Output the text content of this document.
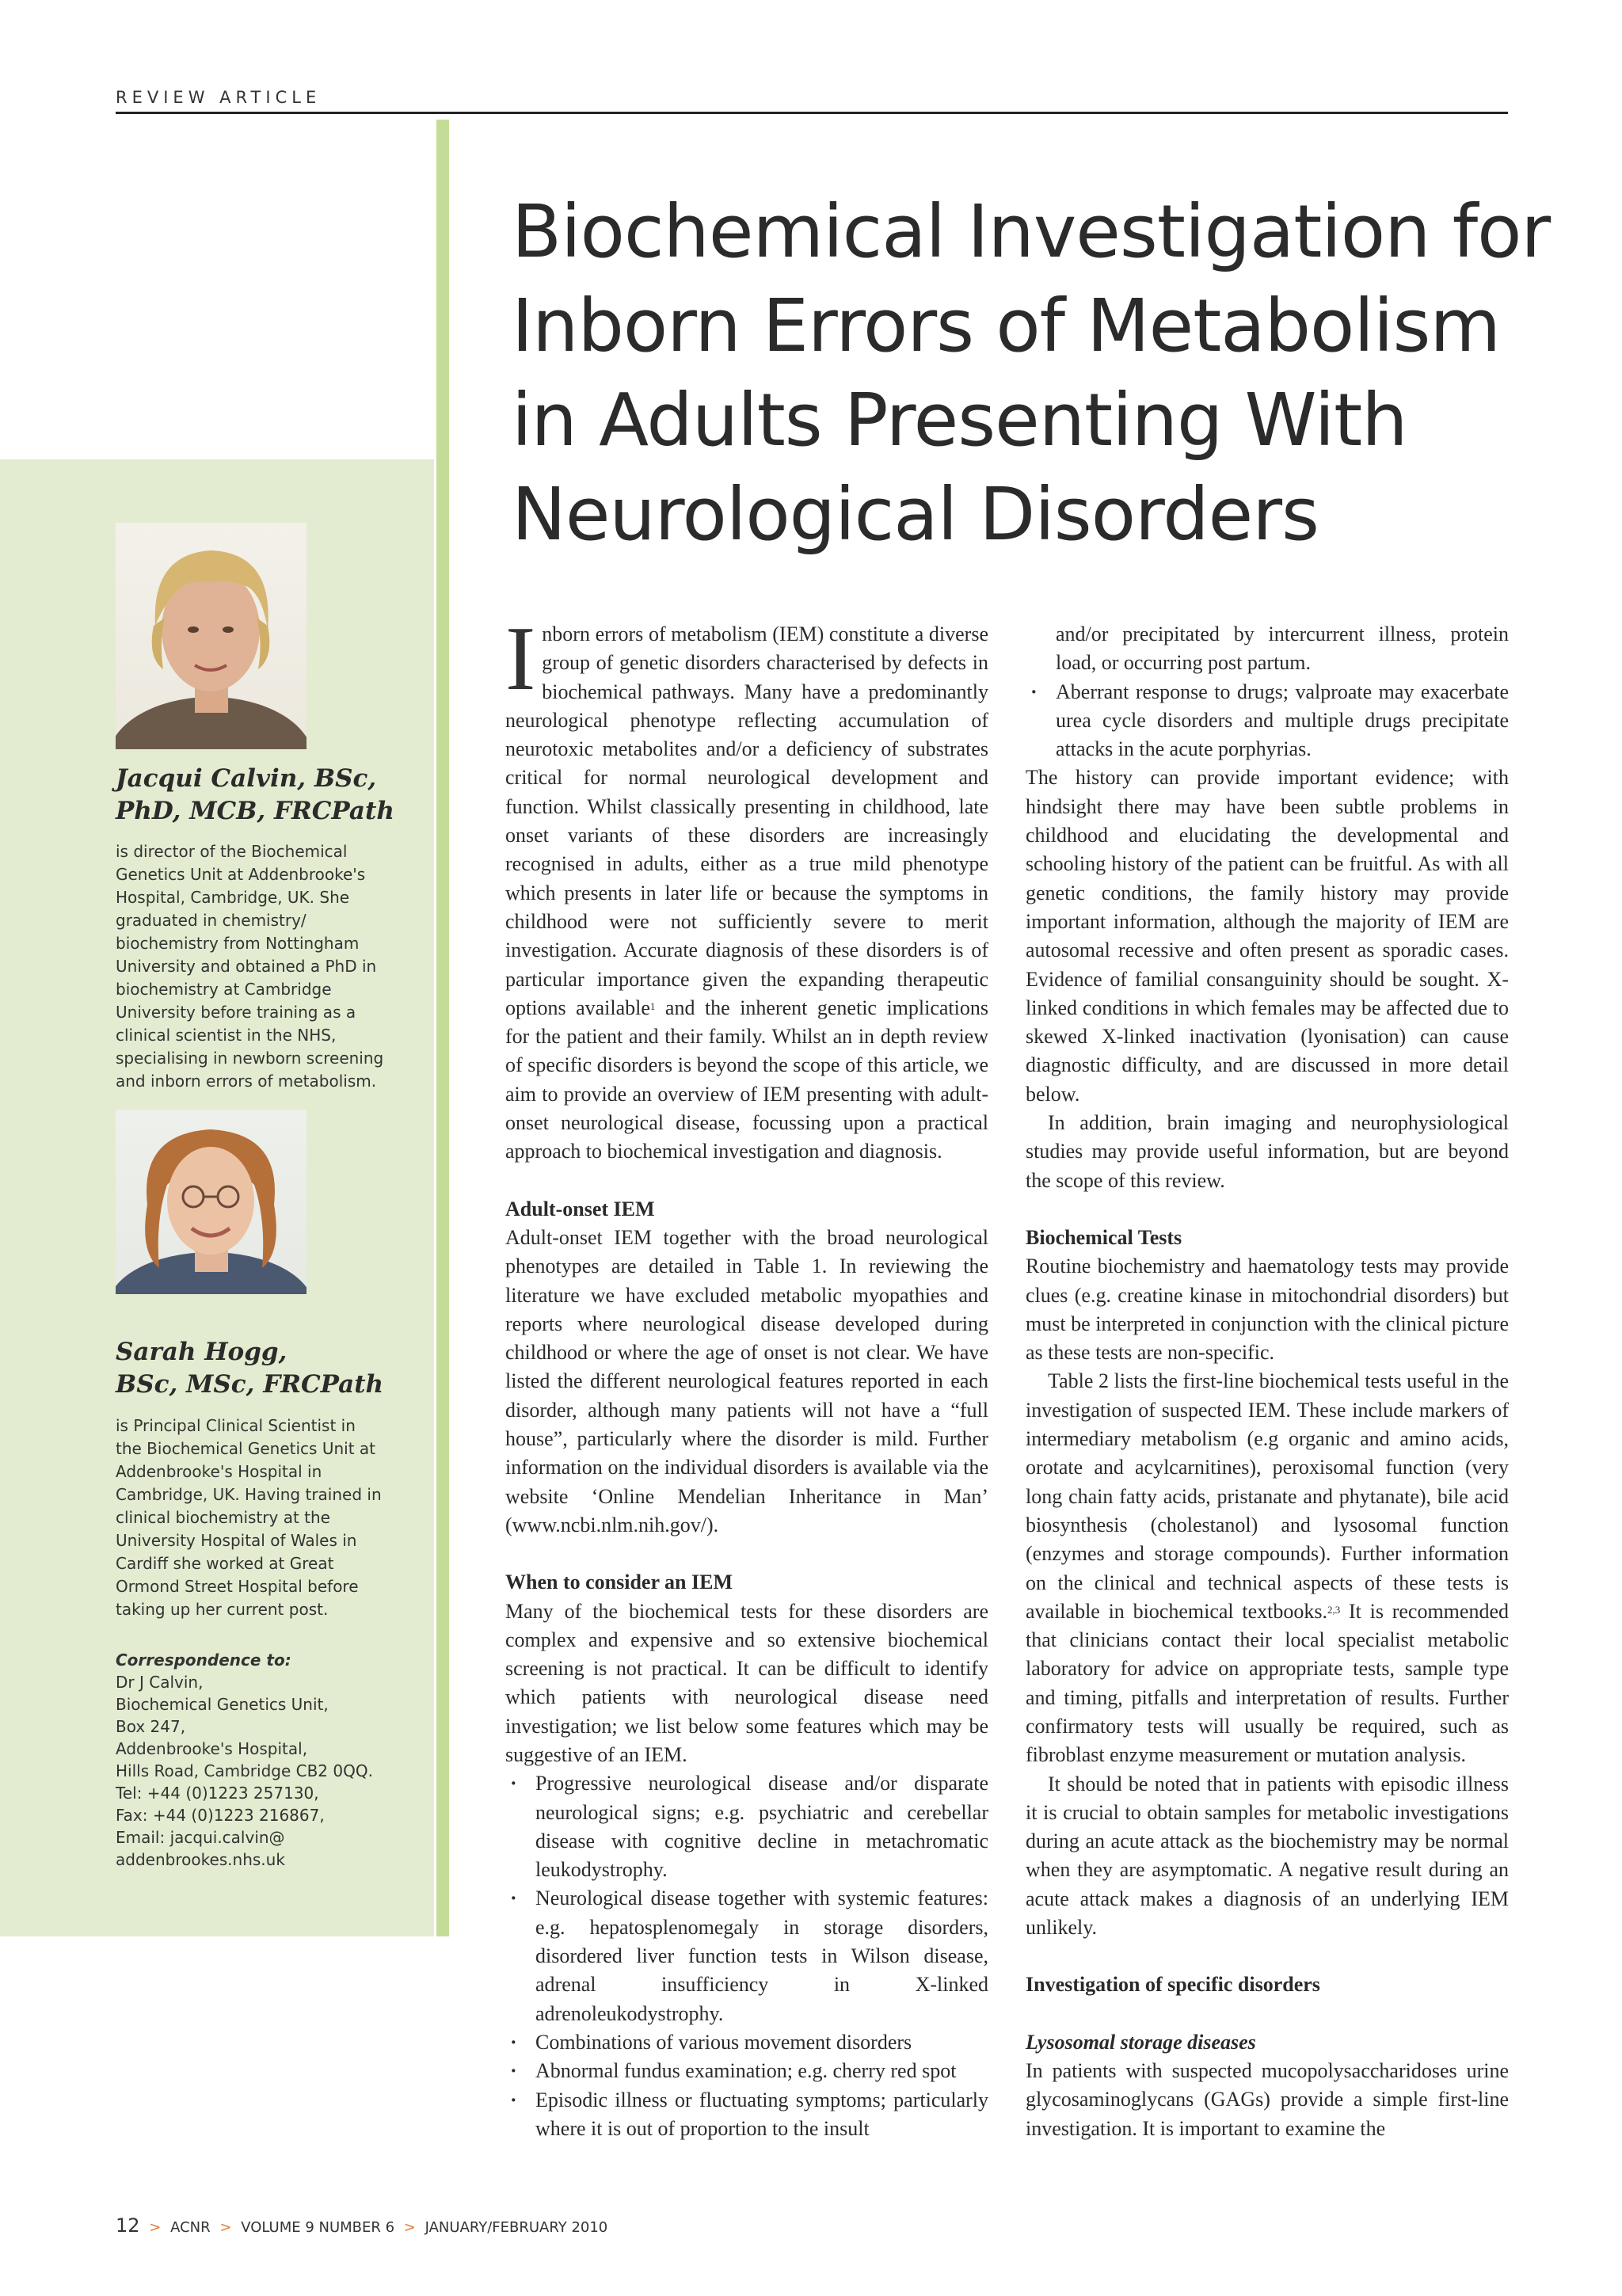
REVIEW ARTICLE
Biochemical Investigation for
Inborn Errors of Metabolism
in Adults Presenting With
Neurological Disorders
Jacqui Calvin, BSc,
PhD, MCB, FRCPath
is director of the Biochemical Genetics Unit at Addenbrooke's Hospital, Cambridge, UK. She graduated in chemistry/ biochemistry from Nottingham University and obtained a PhD in biochemistry at Cambridge University before training as a clinical scientist in the NHS, specialising in newborn screening and inborn errors of metabolism.
Sarah Hogg,
BSc, MSc, FRCPath
is Principal Clinical Scientist in the Biochemical Genetics Unit at Addenbrooke's Hospital in Cambridge, UK. Having trained in clinical biochemistry at the University Hospital of Wales in Cardiff she worked at Great Ormond Street Hospital before taking up her current post.
Correspondence to:
Dr J Calvin,
Biochemical Genetics Unit,
Box 247,
Addenbrooke's Hospital,
Hills Road, Cambridge CB2 0QQ.
Tel: +44 (0)1223 257130,
Fax: +44 (0)1223 216867,
Email: jacqui.calvin@
addenbrookes.nhs.uk

Inborn errors of metabolism (IEM) constitute a diverse group of genetic disorders characterised by defects in biochemical pathways. Many have a predominantly neurological phenotype reflecting accumulation of neurotoxic metabolites and/or a deficiency of substrates critical for normal neurological development and function. Whilst classically presenting in childhood, late onset variants of these disorders are increasingly recognised in adults, either as a true mild phenotype which presents in later life or because the symptoms in childhood were not sufficiently severe to merit investigation. Accurate diagnosis of these disorders is of particular importance given the expanding therapeutic options available$^1$ and the inherent genetic implications for the patient and their family. Whilst an in depth review of specific disorders is beyond the scope of this article, we aim to provide an overview of IEM presenting with adult-onset neurological disease, focussing upon a practical approach to biochemical investigation and diagnosis.

Adult-onset IEM

Adult-onset IEM together with the broad neurological phenotypes are detailed in Table 1. In reviewing the literature we have excluded metabolic myopathies and reports where neurological disease developed during childhood or where the age of onset is not clear. We have listed the different neurological features reported in each disorder, although many patients will not have a “full house”, particularly where the disorder is mild. Further information on the individual disorders is available via the website ‘Online Mendelian Inheritance in Man’ (www.ncbi.nlm.nih.gov/).

When to consider an IEM

Many of the biochemical tests for these disorders are complex and expensive and so extensive biochemical screening is not practical. It can be difficult to identify which patients with neurological disease need investigation; we list below some features which may be suggestive of an IEM.

· Progressive neurological disease and/or disparate neurological signs; e.g. psychiatric and cerebellar disease with cognitive decline in metachromatic leukodystrophy.
· Neurological disease together with systemic features: e.g. hepatosplenomegaly in storage disorders, disordered liver function tests in Wilson disease, adrenal insufficiency in X-linked adrenoleukodystrophy.
· Combinations of various movement disorders
· Abnormal fundus examination; e.g. cherry red spot
· Episodic illness or fluctuating symptoms; particularly where it is out of proportion to the insult
and/or precipitated by intercurrent illness, protein load, or occurring post partum.
· Aberrant response to drugs; valproate may exacerbate urea cycle disorders and multiple drugs precipitate attacks in the acute porphyrias.

The history can provide important evidence; with hindsight there may have been subtle problems in childhood and elucidating the developmental and schooling history of the patient can be fruitful. As with all genetic conditions, the family history may provide important information, although the majority of IEM are autosomal recessive and often present as sporadic cases. Evidence of familial consanguinity should be sought. X-linked conditions in which females may be affected due to skewed X-linked inactivation (lyonisation) can cause diagnostic difficulty, and are discussed in more detail below.

In addition, brain imaging and neurophysiological studies may provide useful information, but are beyond the scope of this review.

Biochemical Tests

Routine biochemistry and haematology tests may provide clues (e.g. creatine kinase in mitochondrial disorders) but must be interpreted in conjunction with the clinical picture as these tests are non-specific.

Table 2 lists the first-line biochemical tests useful in the investigation of suspected IEM. These include markers of intermediary metabolism (e.g organic and amino acids, orotate and acylcarnitines), peroxisomal function (very long chain fatty acids, pristanate and phytanate), bile acid biosynthesis (cholestanol) and lysosomal function (enzymes and storage compounds). Further information on the clinical and technical aspects of these tests is available in biochemical textbooks.$^{2,3}$ It is recommended that clinicians contact their local specialist metabolic laboratory for advice on appropriate tests, sample type and timing, pitfalls and interpretation of results. Further confirmatory tests will usually be required, such as fibroblast enzyme measurement or mutation analysis.

It should be noted that in patients with episodic illness it is crucial to obtain samples for metabolic investigations during an acute attack as the biochemistry may be normal when they are asymptomatic. A negative result during an acute attack makes a diagnosis of an underlying IEM unlikely.

Investigation of specific disorders

Lysosomal storage diseases

In patients with suspected mucopolysaccharidoses urine glycosaminoglycans (GAGs) provide a simple first-line investigation. It is important to examine the

12 > ACNR > VOLUME 9 NUMBER 6 > JANUARY/FEBRUARY 2010
